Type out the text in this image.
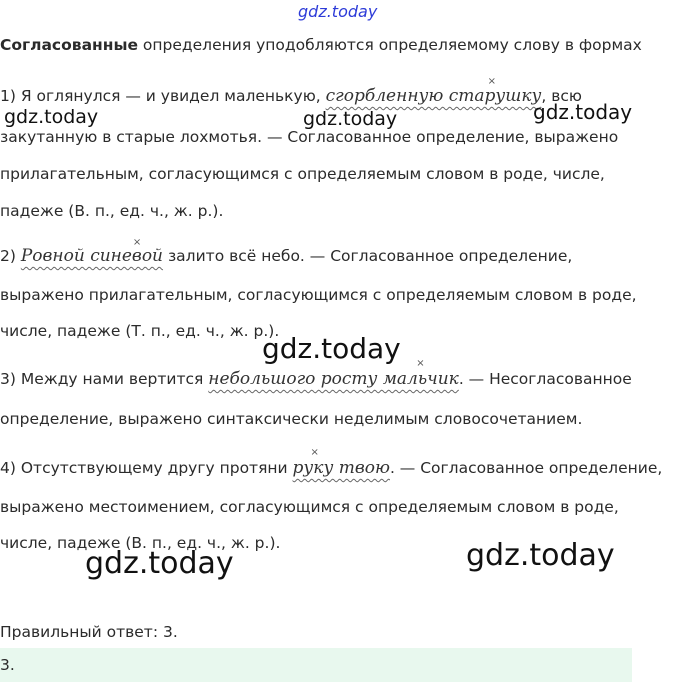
gdz.today
Согласованные определения уподобляются определяемому слову в формах
1) Я оглянулся — и увидел маленькую,
×
сгорбленную старушку, всю
закутанную в старые лохмотья. — Согласованное определение, выражено
прилагательным, согласующимся с определяемым словом в роде, числе,
падеже (В. п., ед. ч., ж. р.).
gdz.today	gdz.today	gdz.today
2)
×
Ровной синевой залито всё небо. — Согласованное определение,
выражено прилагательным, согласующимся с определяемым словом в роде,
числе, падеже (Т. п., ед. ч., ж. р.).
gdz.today
3) Между нами вертится
×
небольшого росту мальчик. — Несогласованное
определение, выражено синтаксически неделимым словосочетанием.
4) Отсутствующему другу протяни
×
руку твою. — Согласованное определение,
выражено местоимением, согласующимся с определяемым словом в роде,
числе, падеже (В. п., ед. ч., ж. р.).
gdz.today	gdz.today
Правильный ответ: 3.
3.
